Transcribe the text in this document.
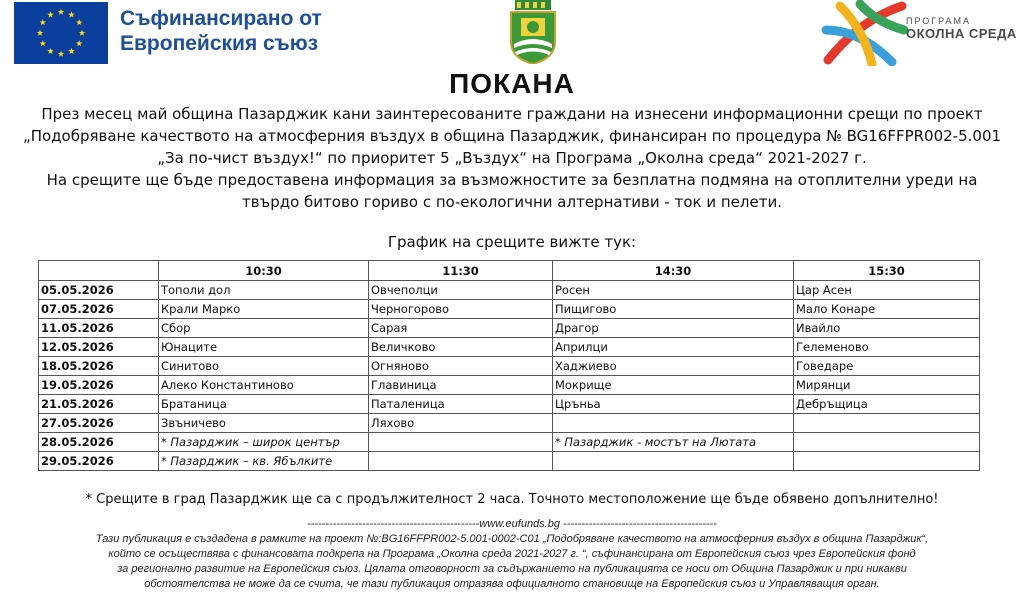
Съфинансирано от
Европейския съюз
ПРОГРАМА
ОКОЛНА СРЕДА
ПОКАНА

През месец май община Пазарджик кани заинтересованите граждани на изнесени информационни срещи по проект

„Подобряване качеството на атмосферния въздух в община Пазарджик, финансиран по процедура № BG16FFPR002-5.001

„За по-чист въздух!“ по приоритет 5 „Въздух“ на Програма „Околна среда“ 2021-2027 г.

На срещите ще бъде предоставена информация за възможностите за безплатна подмяна на отоплителни уреди на

твърдо битово гориво с по-екологични алтернативи - ток и пелети.

График на срещите вижте тук:
	10:30	11:30	14:30	15:30
05.05.2026	Тополи дол	Овчеполци	Росен	Цар Асен
07.05.2026	Крали Марко	Черногорово	Пищигово	Мало Конаре
11.05.2026	Сбор	Сарая	Драгор	Ивайло
12.05.2026	Юнаците	Величково	Априлци	Гелеменово
18.05.2026	Синитово	Огняново	Хаджиево	Говедаре
19.05.2026	Алеко Константиново	Главиница	Мокрище	Мирянци
21.05.2026	Братаница	Паталеница	Цръньа	Дебръщица
27.05.2026	Звъничево	Ляхово		
28.05.2026	* Пазарджик – широк център		* Пазарджик - мостът на Лютата	
29.05.2026	* Пазарджик – кв. Ябълките			
* Срещите в град Пазарджик ще са с продължителност 2 часа. Точното местоположение ще бъде обявено допълнително!
-----------------------------------------------www.eufunds.bg ------------------------------------------

Тази публикация е създадена в рамките на проект №:BG16FFPR002-5.001-0002-C01 „Подобряване качеството на атмосферния въздух в община Пазарджик“,

който се осъществява с финансовата подкрепа на Програма „Околна среда 2021-2027 г. “, съфинансирана от Европейския съюз чрез Европейския фонд

за регионално развитие на Европейския съюз. Цялата отговорност за съдържанието на публикацията се носи от Община Пазарджик и при никакви

обстоятелства не може да се счита, че тази публикация отразява официалното становище на Европейския съюз и Управляващия орган.
